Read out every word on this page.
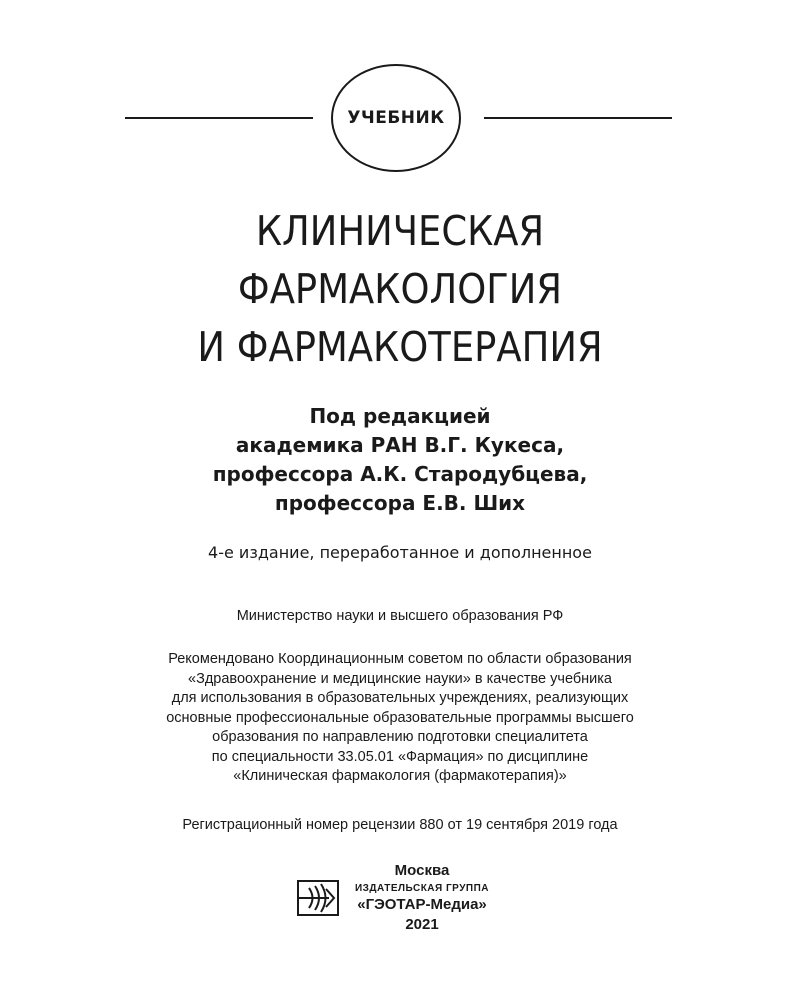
УЧЕБНИК
КЛИНИЧЕСКАЯ
ФАРМАКОЛОГИЯ
И ФАРМАКОТЕРАПИЯ
Под редакцией
академика РАН В.Г. Кукеса,
профессора А.К. Стародубцева,
профессора Е.В. Ших
4-е издание, переработанное и дополненное
Министерство науки и высшего образования РФ
Рекомендовано Координационным советом по области образования
«Здравоохранение и медицинские науки» в качестве учебника
для использования в образовательных учреждениях, реализующих
основные профессиональные образовательные программы высшего
образования по направлению подготовки специалитета
по специальности 33.05.01 «Фармация» по дисциплине
«Клиническая фармакология (фармакотерапия)»
Регистрационный номер рецензии 880 от 19 сентября 2019 года
Москва
ИЗДАТЕЛЬСКАЯ ГРУППА
«ГЭОТАР-Медиа»
2021
